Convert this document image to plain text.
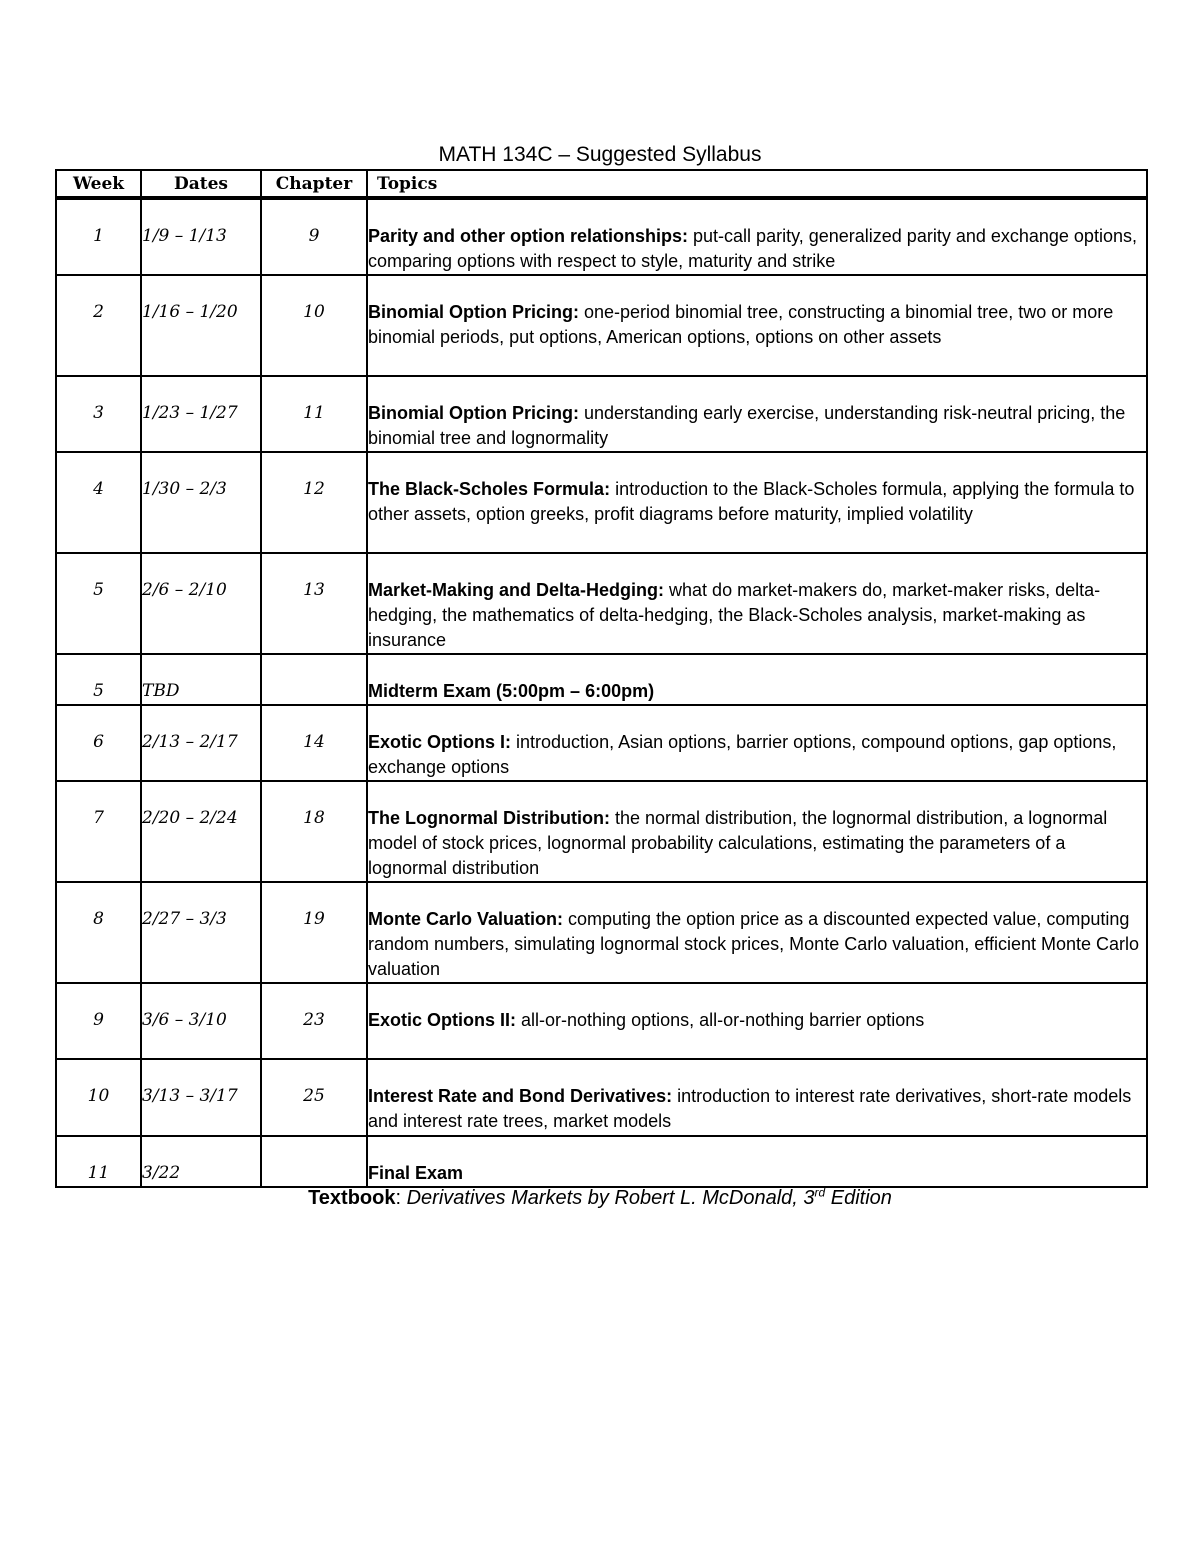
MATH 134C – Suggested Syllabus
Week	Dates	Chapter	Topics
1	1/9 – 1/13	9	Parity and other option relationships: put-call parity, generalized parity and exchange options, comparing options with respect to style, maturity and strike
2	1/16 – 1/20	10	Binomial Option Pricing: one-period binomial tree, constructing a binomial tree, two or more binomial periods, put options, American options, options on other assets
3	1/23 – 1/27	11	Binomial Option Pricing: understanding early exercise, understanding risk-neutral pricing, the binomial tree and lognormality
4	1/30 – 2/3	12	The Black-Scholes Formula: introduction to the Black-Scholes formula, applying the formula to other assets, option greeks, profit diagrams before maturity, implied volatility
5	2/6 – 2/10	13	Market-Making and Delta-Hedging: what do market-makers do, market-maker risks, delta-hedging, the mathematics of delta-hedging, the Black-Scholes analysis, market-making as insurance
5	TBD		Midterm Exam (5:00pm – 6:00pm)
6	2/13 – 2/17	14	Exotic Options I: introduction, Asian options, barrier options, compound options, gap options, exchange options
7	2/20 – 2/24	18	The Lognormal Distribution: the normal distribution, the lognormal distribution, a lognormal model of stock prices, lognormal probability calculations, estimating the parameters of a lognormal distribution
8	2/27 – 3/3	19	Monte Carlo Valuation: computing the option price as a discounted expected value, computing random numbers, simulating lognormal stock prices, Monte Carlo valuation, efficient Monte Carlo valuation
9	3/6 – 3/10	23	Exotic Options II: all-or-nothing options, all-or-nothing barrier options
10	3/13 – 3/17	25	Interest Rate and Bond Derivatives: introduction to interest rate derivatives, short-rate models and interest rate trees, market models
11	3/22		Final Exam
Textbook: Derivatives Markets by Robert L. McDonald, 3rd Edition
